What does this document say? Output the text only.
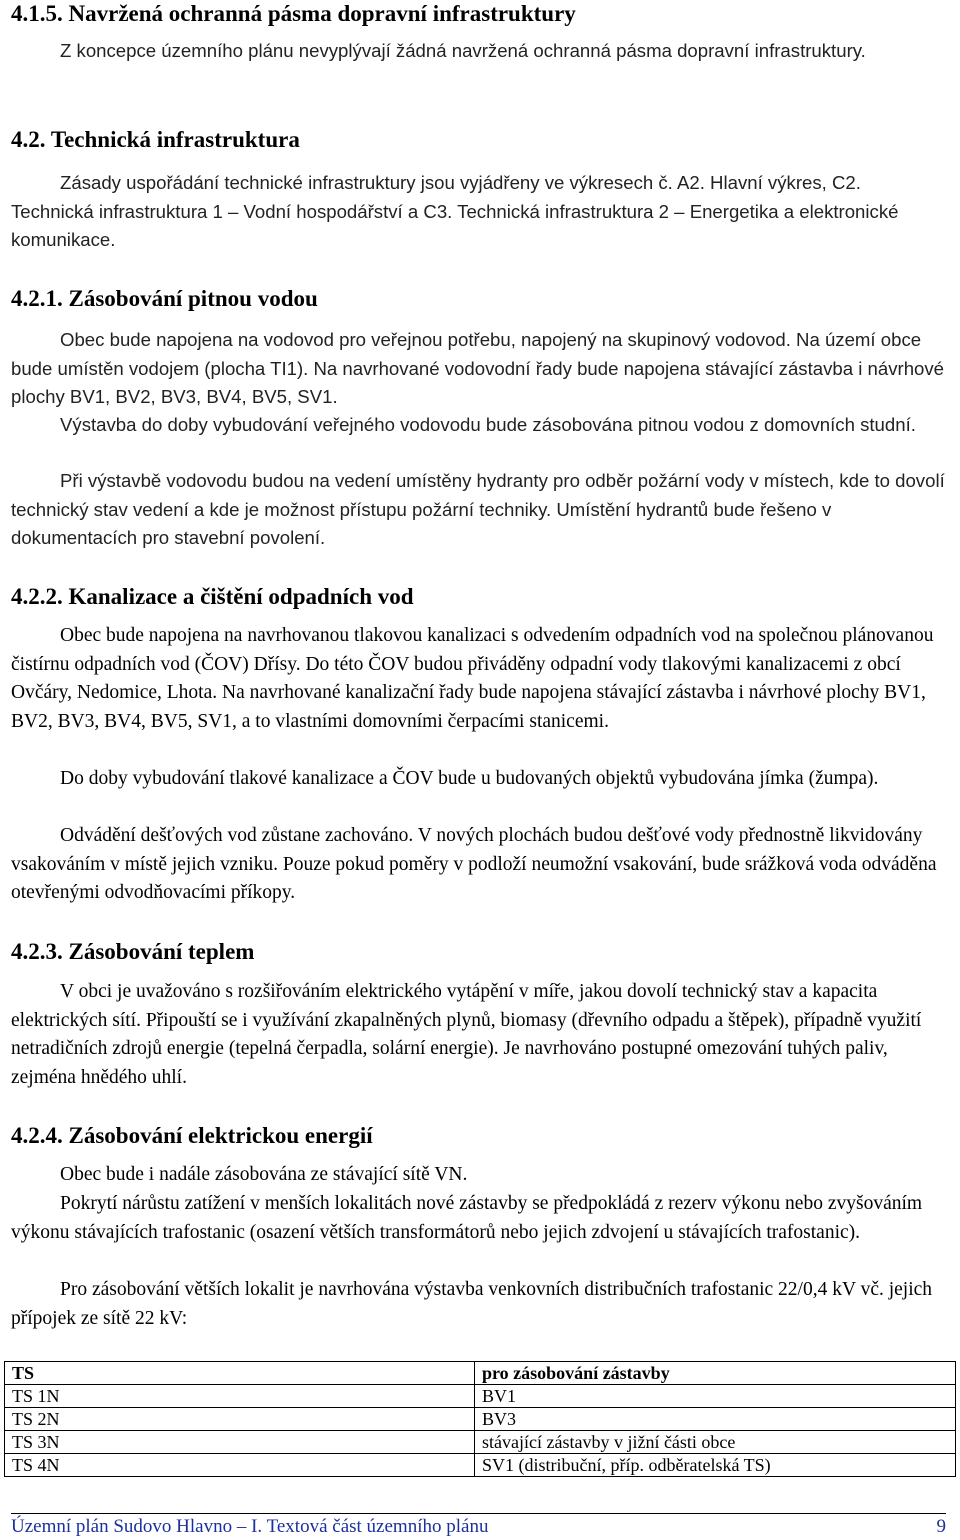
4.1.5. Navržená ochranná pásma dopravní infrastruktury

Z koncepce územního plánu nevyplývají žádná navržená ochranná pásma dopravní infrastruktury.

4.2. Technická infrastruktura

Zásady uspořádání technické infrastruktury jsou vyjádřeny ve výkresech č. A2. Hlavní výkres, C2. Technická infrastruktura 1 – Vodní hospodářství a C3. Technická infrastruktura 2 – Energetika a elektronické komunikace.

4.2.1. Zásobování pitnou vodou

Obec bude napojena na vodovod pro veřejnou potřebu, napojený na skupinový vodovod. Na území obce bude umístěn vodojem (plocha TI1). Na navrhované vodovodní řady bude napojena stávající zástavba i návrhové plochy BV1, BV2, BV3, BV4, BV5, SV1.

Výstavba do doby vybudování veřejného vodovodu bude zásobována pitnou vodou z domovních studní.

Při výstavbě vodovodu budou na vedení umístěny hydranty pro odběr požární vody v místech, kde to dovolí technický stav vedení a kde je možnost přístupu požární techniky. Umístění hydrantů bude řešeno v dokumentacích pro stavební povolení.

4.2.2. Kanalizace a čištění odpadních vod

Obec bude napojena na navrhovanou tlakovou kanalizaci s odvedením odpadních vod na společnou plánovanou čistírnu odpadních vod (ČOV) Dřísy. Do této ČOV budou přiváděny odpadní vody tlakovými kanalizacemi z obcí Ovčáry, Nedomice, Lhota. Na navrhované kanalizační řady bude napojena stávající zástavba i návrhové plochy BV1, BV2, BV3, BV4, BV5, SV1, a to vlastními domovními čerpacími stanicemi.

Do doby vybudování tlakové kanalizace a ČOV bude u budovaných objektů vybudována jímka (žumpa).

Odvádění dešťových vod zůstane zachováno. V nových plochách budou dešťové vody přednostně likvidovány vsakováním v místě jejich vzniku. Pouze pokud poměry v podloží neumožní vsakování, bude srážková voda odváděna otevřenými odvodňovacími příkopy.

4.2.3. Zásobování teplem

V obci je uvažováno s rozšiřováním elektrického vytápění v míře, jakou dovolí technický stav a kapacita elektrických sítí. Připouští se i využívání zkapalněných plynů, biomasy (dřevního odpadu a štěpek), případně využití netradičních zdrojů energie (tepelná čerpadla, solární energie). Je navrhováno postupné omezování tuhých paliv, zejména hnědého uhlí.

4.2.4. Zásobování elektrickou energií

Obec bude i nadále zásobována ze stávající sítě VN.

Pokrytí nárůstu zatížení v menších lokalitách nové zástavby se předpokládá z rezerv výkonu nebo zvyšováním výkonu stávajících trafostanic (osazení větších transformátorů nebo jejich zdvojení u stávajících trafostanic).

Pro zásobování větších lokalit je navrhována výstavba venkovních distribučních trafostanic 22/0,4 kV vč. jejich přípojek ze sítě 22 kV:

TS	pro zásobování zástavby
TS 1N	BV1
TS 2N	BV3
TS 3N	stávající zástavby v jižní části obce
TS 4N	SV1 (distribuční, příp. odběratelská TS)
Územní plán Sudovo Hlavno – I. Textová část územního plánu	9
